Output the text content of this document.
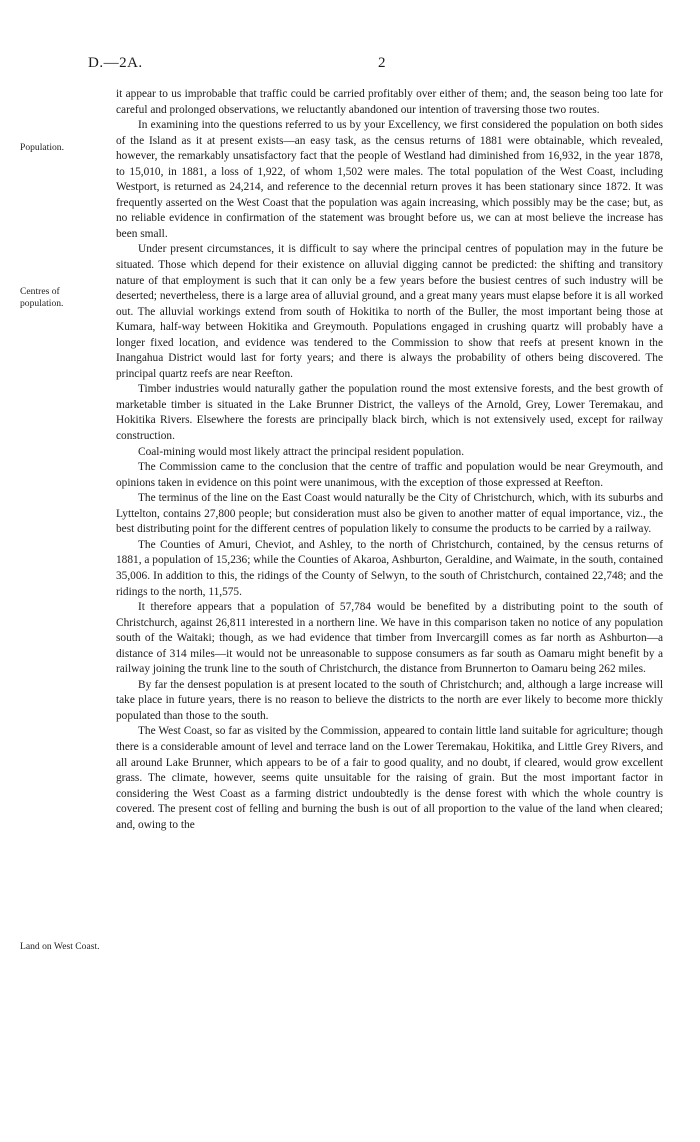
D.—2A.	2
Population.
Centres of population.
Land on West Coast.

it appear to us improbable that traffic could be carried profitably over either of them; and, the season being too late for careful and prolonged observations, we reluctantly abandoned our intention of traversing those two routes.

In examining into the questions referred to us by your Excellency, we first considered the population on both sides of the Island as it at present exists—an easy task, as the census returns of 1881 were obtainable, which revealed, however, the remarkably unsatisfactory fact that the people of Westland had diminished from 16,932, in the year 1878, to 15,010, in 1881, a loss of 1,922, of whom 1,502 were males. The total population of the West Coast, including Westport, is returned as 24,214, and reference to the decennial return proves it has been stationary since 1872. It was frequently asserted on the West Coast that the population was again increasing, which possibly may be the case; but, as no reliable evidence in confirmation of the statement was brought before us, we can at most believe the increase has been small.

Under present circumstances, it is difficult to say where the principal centres of population may in the future be situated. Those which depend for their existence on alluvial digging cannot be predicted: the shifting and transitory nature of that employment is such that it can only be a few years before the busiest centres of such industry will be deserted; nevertheless, there is a large area of alluvial ground, and a great many years must elapse before it is all worked out. The alluvial workings extend from south of Hokitika to north of the Buller, the most important being those at Kumara, half-way between Hokitika and Greymouth. Populations engaged in crushing quartz will probably have a longer fixed location, and evidence was tendered to the Commission to show that reefs at present known in the Inangahua District would last for forty years; and there is always the probability of others being discovered. The principal quartz reefs are near Reefton.

Timber industries would naturally gather the population round the most extensive forests, and the best growth of marketable timber is situated in the Lake Brunner District, the valleys of the Arnold, Grey, Lower Teremakau, and Hokitika Rivers. Elsewhere the forests are principally black birch, which is not extensively used, except for railway construction.

Coal-mining would most likely attract the principal resident population.

The Commission came to the conclusion that the centre of traffic and population would be near Greymouth, and opinions taken in evidence on this point were unanimous, with the exception of those expressed at Reefton.

The terminus of the line on the East Coast would naturally be the City of Christchurch, which, with its suburbs and Lyttelton, contains 27,800 people; but consideration must also be given to another matter of equal importance, viz., the best distributing point for the different centres of population likely to consume the products to be carried by a railway.

The Counties of Amuri, Cheviot, and Ashley, to the north of Christchurch, contained, by the census returns of 1881, a population of 15,236; while the Counties of Akaroa, Ashburton, Geraldine, and Waimate, in the south, contained 35,006. In addition to this, the ridings of the County of Selwyn, to the south of Christchurch, contained 22,748; and the ridings to the north, 11,575.

It therefore appears that a population of 57,784 would be benefited by a distributing point to the south of Christchurch, against 26,811 interested in a northern line. We have in this comparison taken no notice of any population south of the Waitaki; though, as we had evidence that timber from Invercargill comes as far north as Ashburton—a distance of 314 miles—it would not be unreasonable to suppose consumers as far south as Oamaru might benefit by a railway joining the trunk line to the south of Christchurch, the distance from Brunnerton to Oamaru being 262 miles.

By far the densest population is at present located to the south of Christchurch; and, although a large increase will take place in future years, there is no reason to believe the districts to the north are ever likely to become more thickly populated than those to the south.

The West Coast, so far as visited by the Commission, appeared to contain little land suitable for agriculture; though there is a considerable amount of level and terrace land on the Lower Teremakau, Hokitika, and Little Grey Rivers, and all around Lake Brunner, which appears to be of a fair to good quality, and no doubt, if cleared, would grow excellent grass. The climate, however, seems quite unsuitable for the raising of grain. But the most important factor in considering the West Coast as a farming district undoubtedly is the dense forest with which the whole country is covered. The present cost of felling and burning the bush is out of all proportion to the value of the land when cleared; and, owing to the
